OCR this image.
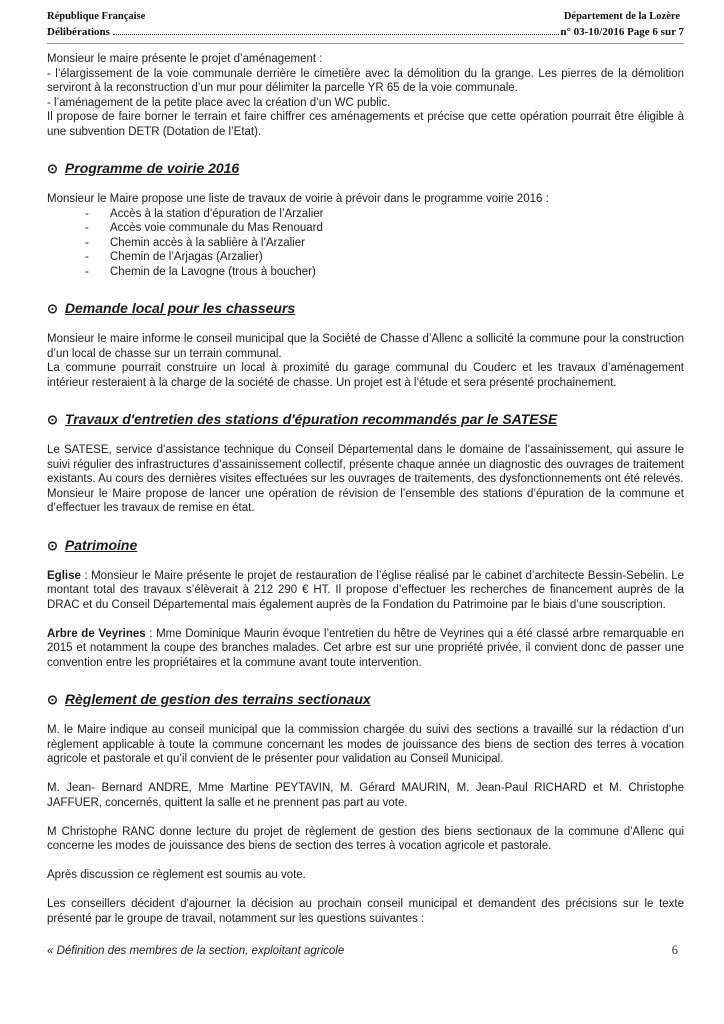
République Française	Département de la Lozère
Délibérations	n° 03-10/2016 Page 6 sur 7

Monsieur le maire présente le projet d’aménagement :

- l’élargissement de la voie communale derrière le cimetière avec la démolition du la grange. Les pierres de la démolition serviront à la reconstruction d’un mur pour délimiter la parcelle YR 65 de la voie communale.

- l’aménagement de la petite place avec la création d’un WC public.

Il propose de faire borner le terrain et faire chiffrer ces aménagements et précise que cette opération pourrait être éligible à une subvention DETR (Dotation de l’Etat).

⊙ Programme de voirie 2016

Monsieur le Maire propose une liste de travaux de voirie à prévoir dans le programme voirie 2016 :

- Accès à la station d’épuration de l’Arzalier
- Accès voie communale du Mas Renouard
- Chemin accès à la sablière à l’Arzalier
- Chemin de l’Arjagas (Arzalier)
- Chemin de la Lavogne (trous à boucher)
⊙ Demande local pour les chasseurs

Monsieur le maire informe le conseil municipal que la Société de Chasse d’Allenc a sollicité la commune pour la construction d’un local de chasse sur un terrain communal.

La commune pourrait construire un local à proximité du garage communal du Couderc et les travaux d’aménagement intérieur resteraient à la charge de la société de chasse. Un projet est à l’étude et sera présenté prochainement.

⊙ Travaux d'entretien des stations d'épuration recommandés par le SATESE

Le SATESE, service d’assistance technique du Conseil Départemental dans le domaine de l’assainissement, qui assure le suivi régulier des infrastructures d’assainissement collectif, présente chaque année un diagnostic des ouvrages de traitement existants. Au cours des dernières visites effectuées sur les ouvrages de traitements, des dysfonctionnements ont été relevés.

Monsieur le Maire propose de lancer une opération de révision de l’ensemble des stations d’épuration de la commune et d’effectuer les travaux de remise en état.

⊙ Patrimoine

Eglise : Monsieur le Maire présente le projet de restauration de l’église réalisé par le cabinet d’architecte Bessin-Sebelin. Le montant total des travaux s’élèverait à 212 290 € HT. Il propose d’effectuer les recherches de financement auprès de la DRAC et du Conseil Départemental mais également auprès de la Fondation du Patrimoine par le biais d’une souscription.

Arbre de Veyrines : Mme Dominique Maurin évoque l’entretien du hêtre de Veyrines qui a été classé arbre remarquable en 2015 et notamment la coupe des branches malades. Cet arbre est sur une propriété privée, il convient donc de passer une convention entre les propriétaires et la commune avant toute intervention.

⊙ Règlement de gestion des terrains sectionaux

M. le Maire indique au conseil municipal que la commission chargée du suivi des sections a travaillé sur la rédaction d’un règlement applicable à toute la commune concernant les modes de jouissance des biens de section des terres à vocation agricole et pastorale et qu’il convient de le présenter pour validation au Conseil Municipal.

M. Jean- Bernard ANDRE, Mme Martine PEYTAVIN, M. Gérard MAURIN, M. Jean-Paul RICHARD et M. Christophe JAFFUER, concernés, quittent la salle et ne prennent pas part au vote.

M Christophe RANC donne lecture du projet de règlement de gestion des biens sectionaux de la commune d'Allenc qui concerne les modes de jouissance des biens de section des terres à vocation agricole et pastorale.

Après discussion ce règlement est soumis au vote.

Les conseillers décident d'ajourner la décision au prochain conseil municipal et demandent des précisions sur le texte présenté par le groupe de travail, notamment sur les questions suivantes :

« Définition des membres de la section, exploitant agricole	6
